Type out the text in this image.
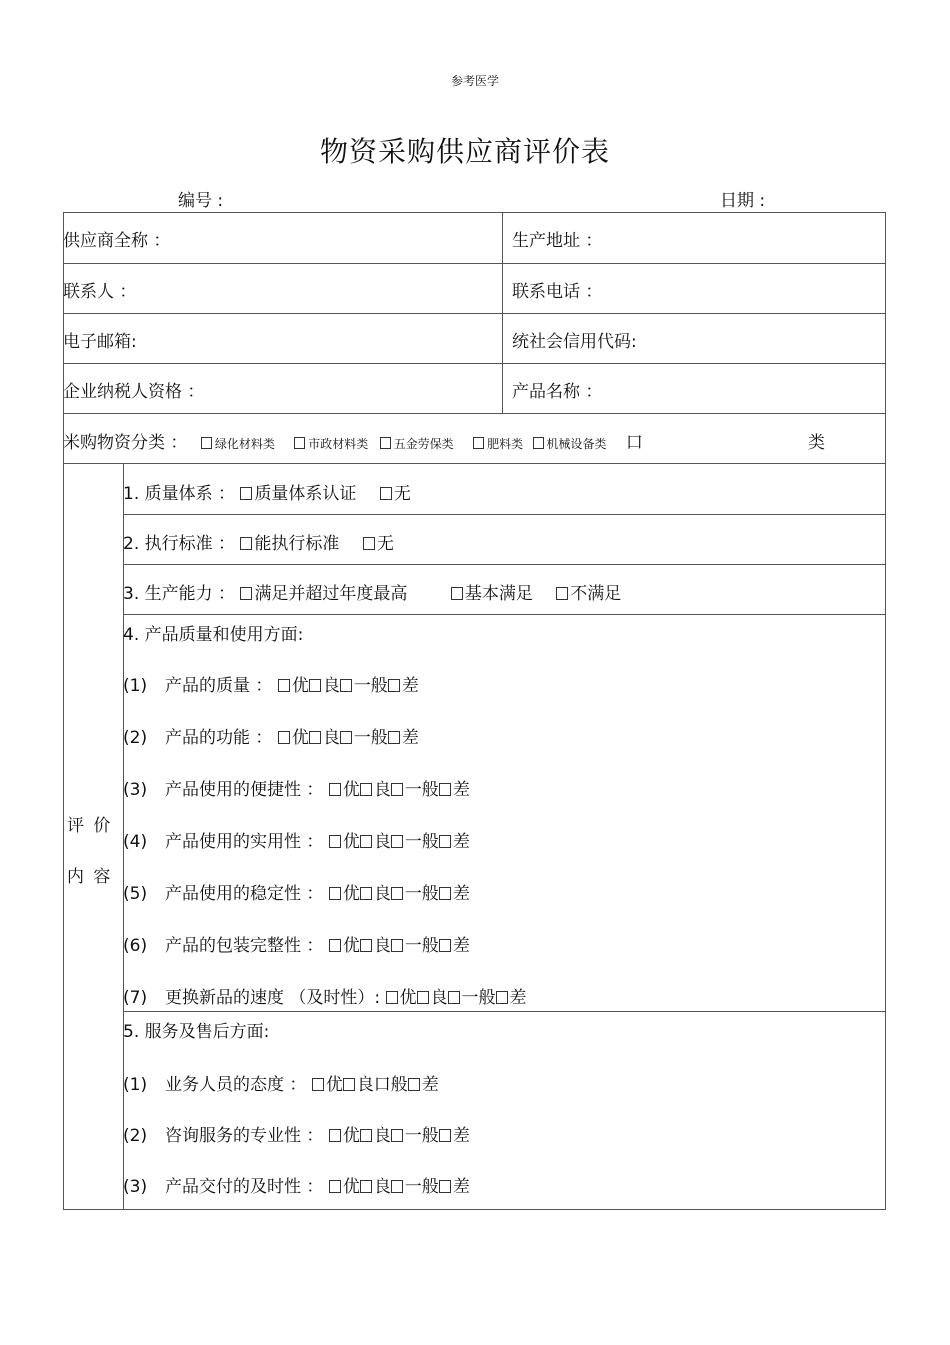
参考医学
物资采购供应商评价表
编号 :	日期 :
供应商全称 ：	生产地址 ：
联系人 ：	联系电话 ：
电子邮箱:	统社会信用代码:
企业纳税人资格 ：	产品名称 ：
米购物资分类 ： 绿化材料类	市政材料类 五金劳保类	肥料类 机械设备类 口	类
评 价
内 容
1. 质量体系 ： 质量体系认证 无
2. 执行标准 ： 能执行标准 无
3. 生产能力 ： 满足并超过年度最高	基本满足 不满足
4. 产品质量和使用方面:
(1) 产品的质量 ： 优 良 一般 差
(2) 产品的功能 ： 优 良 一般 差
(3) 产品使用的便捷性 ： 优 良 一般 差
(4) 产品使用的实用性 ： 优 良 一般 差
(5) 产品使用的稳定性 ： 优 良 一般 差
(6) 产品的包装完整性 ： 优 良 一般 差
(7) 更换新品的速度 （及时性）: 优 良 一般 差
5. 服务及售后方面:
(1) 业务人员的态度 ： 优 良口般 差
(2) 咨询服务的专业性 ： 优 良 一般 差
(3) 产品交付的及时性 ： 优 良 一般 差
